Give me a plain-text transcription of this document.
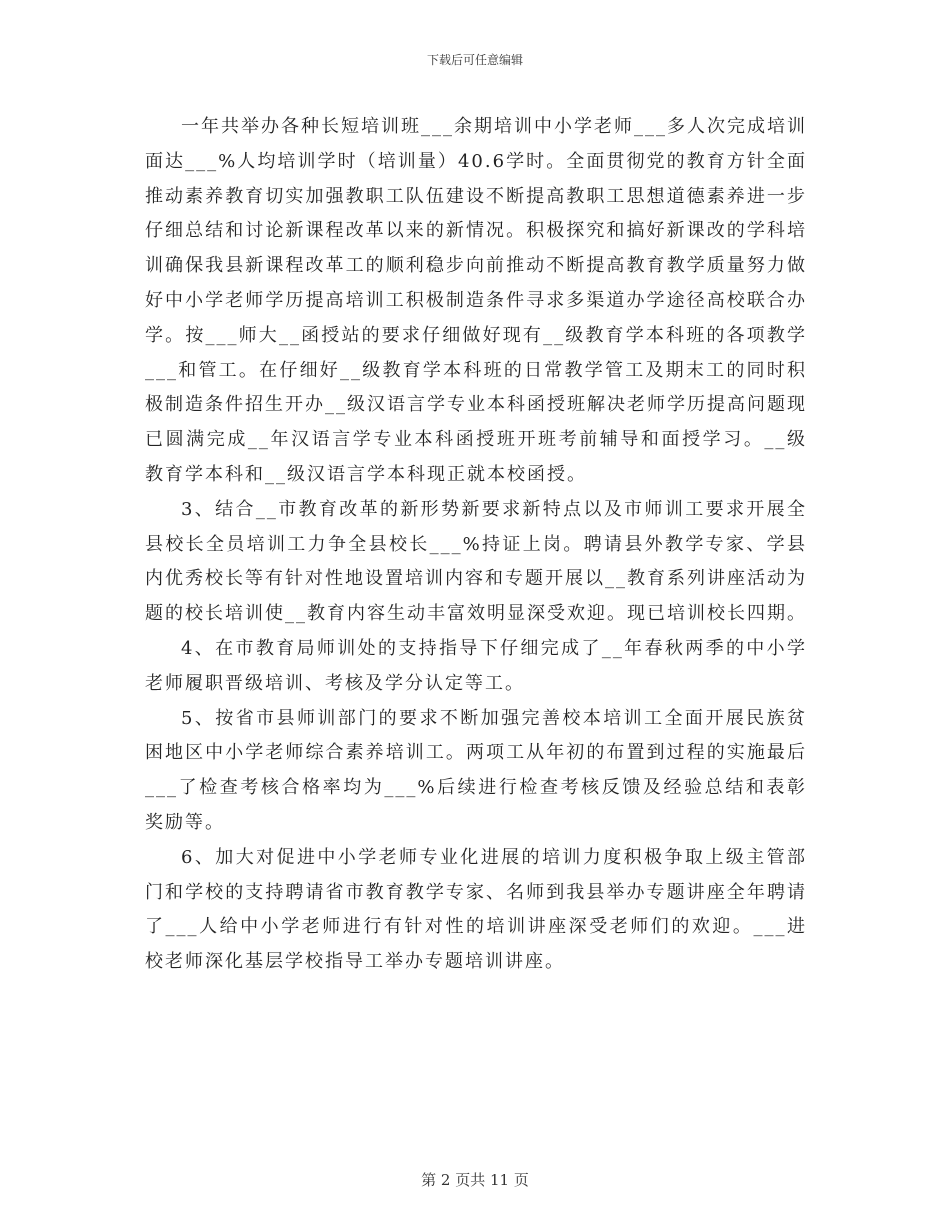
下载后可任意编辑

一年共举办各种长短培训班___余期培训中小学老师___多人次完成培训面达___%人均培训学时（培训量）40.6学时。全面贯彻党的教育方针全面推动素养教育切实加强教职工队伍建设不断提高教职工思想道德素养进一步仔细总结和讨论新课程改革以来的新情况。积极探究和搞好新课改的学科培训确保我县新课程改革工的顺利稳步向前推动不断提高教育教学质量努力做好中小学老师学历提高培训工积极制造条件寻求多渠道办学途径高校联合办学。按___师大__函授站的要求仔细做好现有__级教育学本科班的各项教学___和管工。在仔细好__级教育学本科班的日常教学管工及期末工的同时积极制造条件招生开办__级汉语言学专业本科函授班解决老师学历提高问题现已圆满完成__年汉语言学专业本科函授班开班考前辅导和面授学习。__级教育学本科和__级汉语言学本科现正就本校函授。

3、结合__市教育改革的新形势新要求新特点以及市师训工要求开展全县校长全员培训工力争全县校长___%持证上岗。聘请县外教学专家、学县内优秀校长等有针对性地设置培训内容和专题开展以__教育系列讲座活动为题的校长培训使__教育内容生动丰富效明显深受欢迎。现已培训校长四期。

4、在市教育局师训处的支持指导下仔细完成了__年春秋两季的中小学老师履职晋级培训、考核及学分认定等工。

5、按省市县师训部门的要求不断加强完善校本培训工全面开展民族贫困地区中小学老师综合素养培训工。两项工从年初的布置到过程的实施最后___了检查考核合格率均为___%后续进行检查考核反馈及经验总结和表彰奖励等。

6、加大对促进中小学老师专业化进展的培训力度积极争取上级主管部门和学校的支持聘请省市教育教学专家、名师到我县举办专题讲座全年聘请了___人给中小学老师进行有针对性的培训讲座深受老师们的欢迎。___进校老师深化基层学校指导工举办专题培训讲座。

第 2 页共 11 页
